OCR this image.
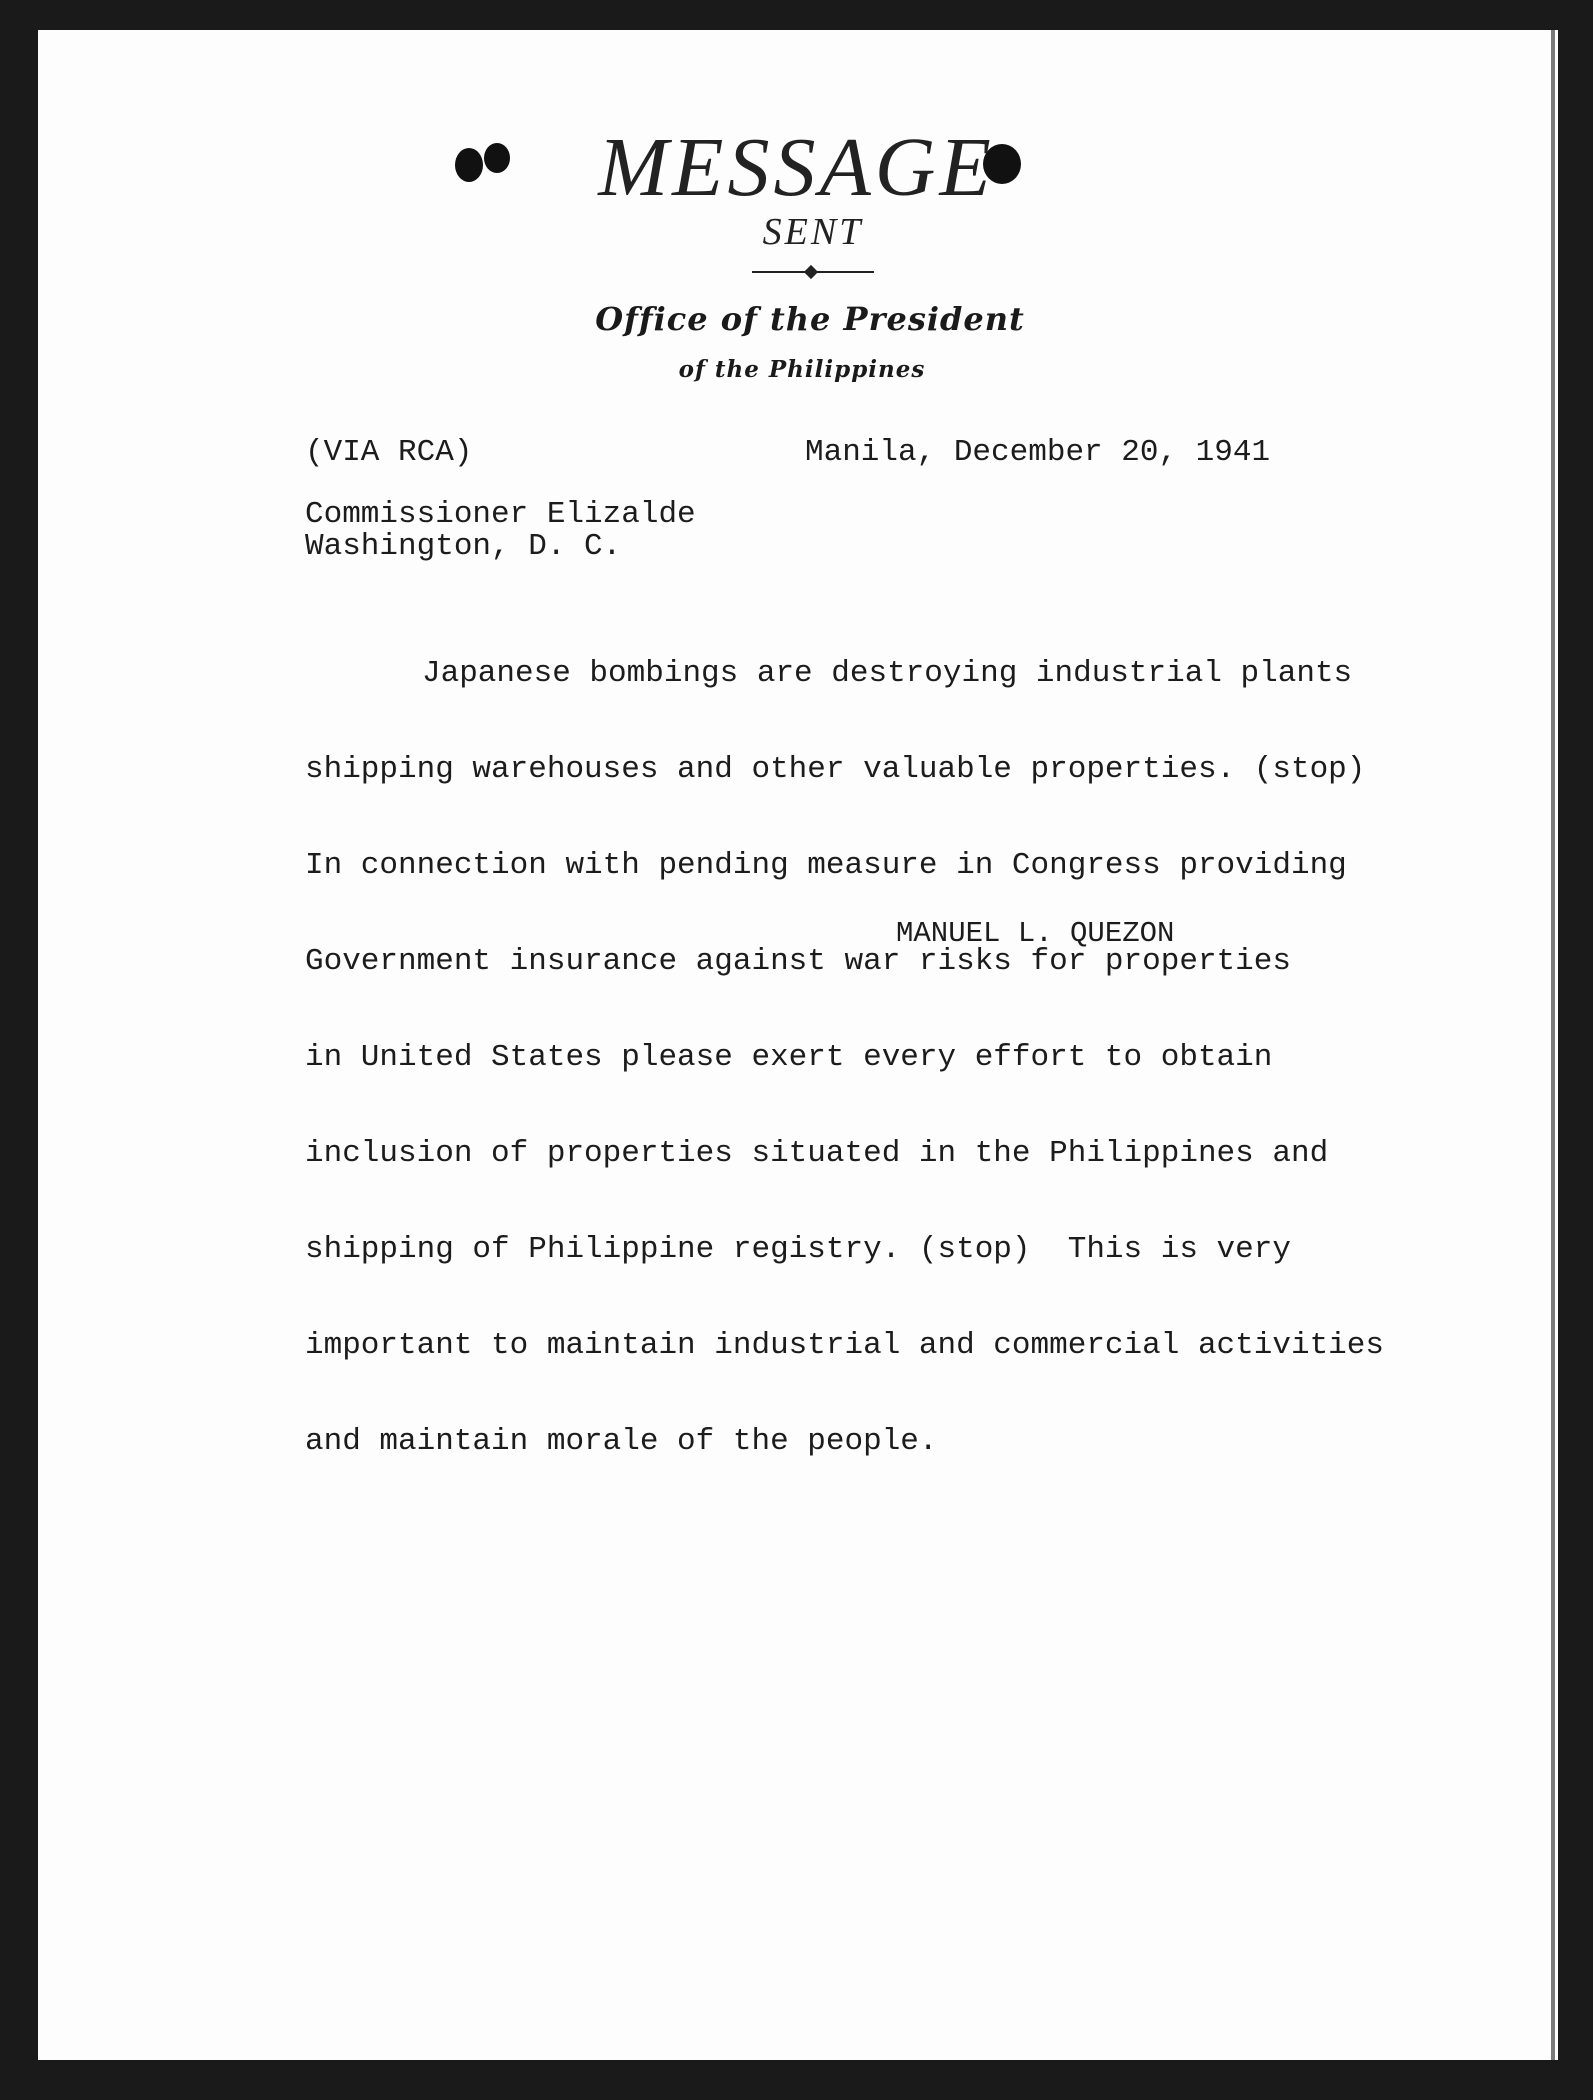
MESSAGE
SENT
Office of the President
of the Philippines
(VIA RCA)	Manila, December 20, 1941
Commissioner Elizalde
Washington, D. C.

Japanese bombings are destroying industrial plants

shipping warehouses and other valuable properties. (stop)

In connection with pending measure in Congress providing

Government insurance against war risks for properties

in United States please exert every effort to obtain

inclusion of properties situated in the Philippines and

shipping of Philippine registry. (stop)  This is very

important to maintain industrial and commercial activities

and maintain morale of the people.

MANUEL L. QUEZON
